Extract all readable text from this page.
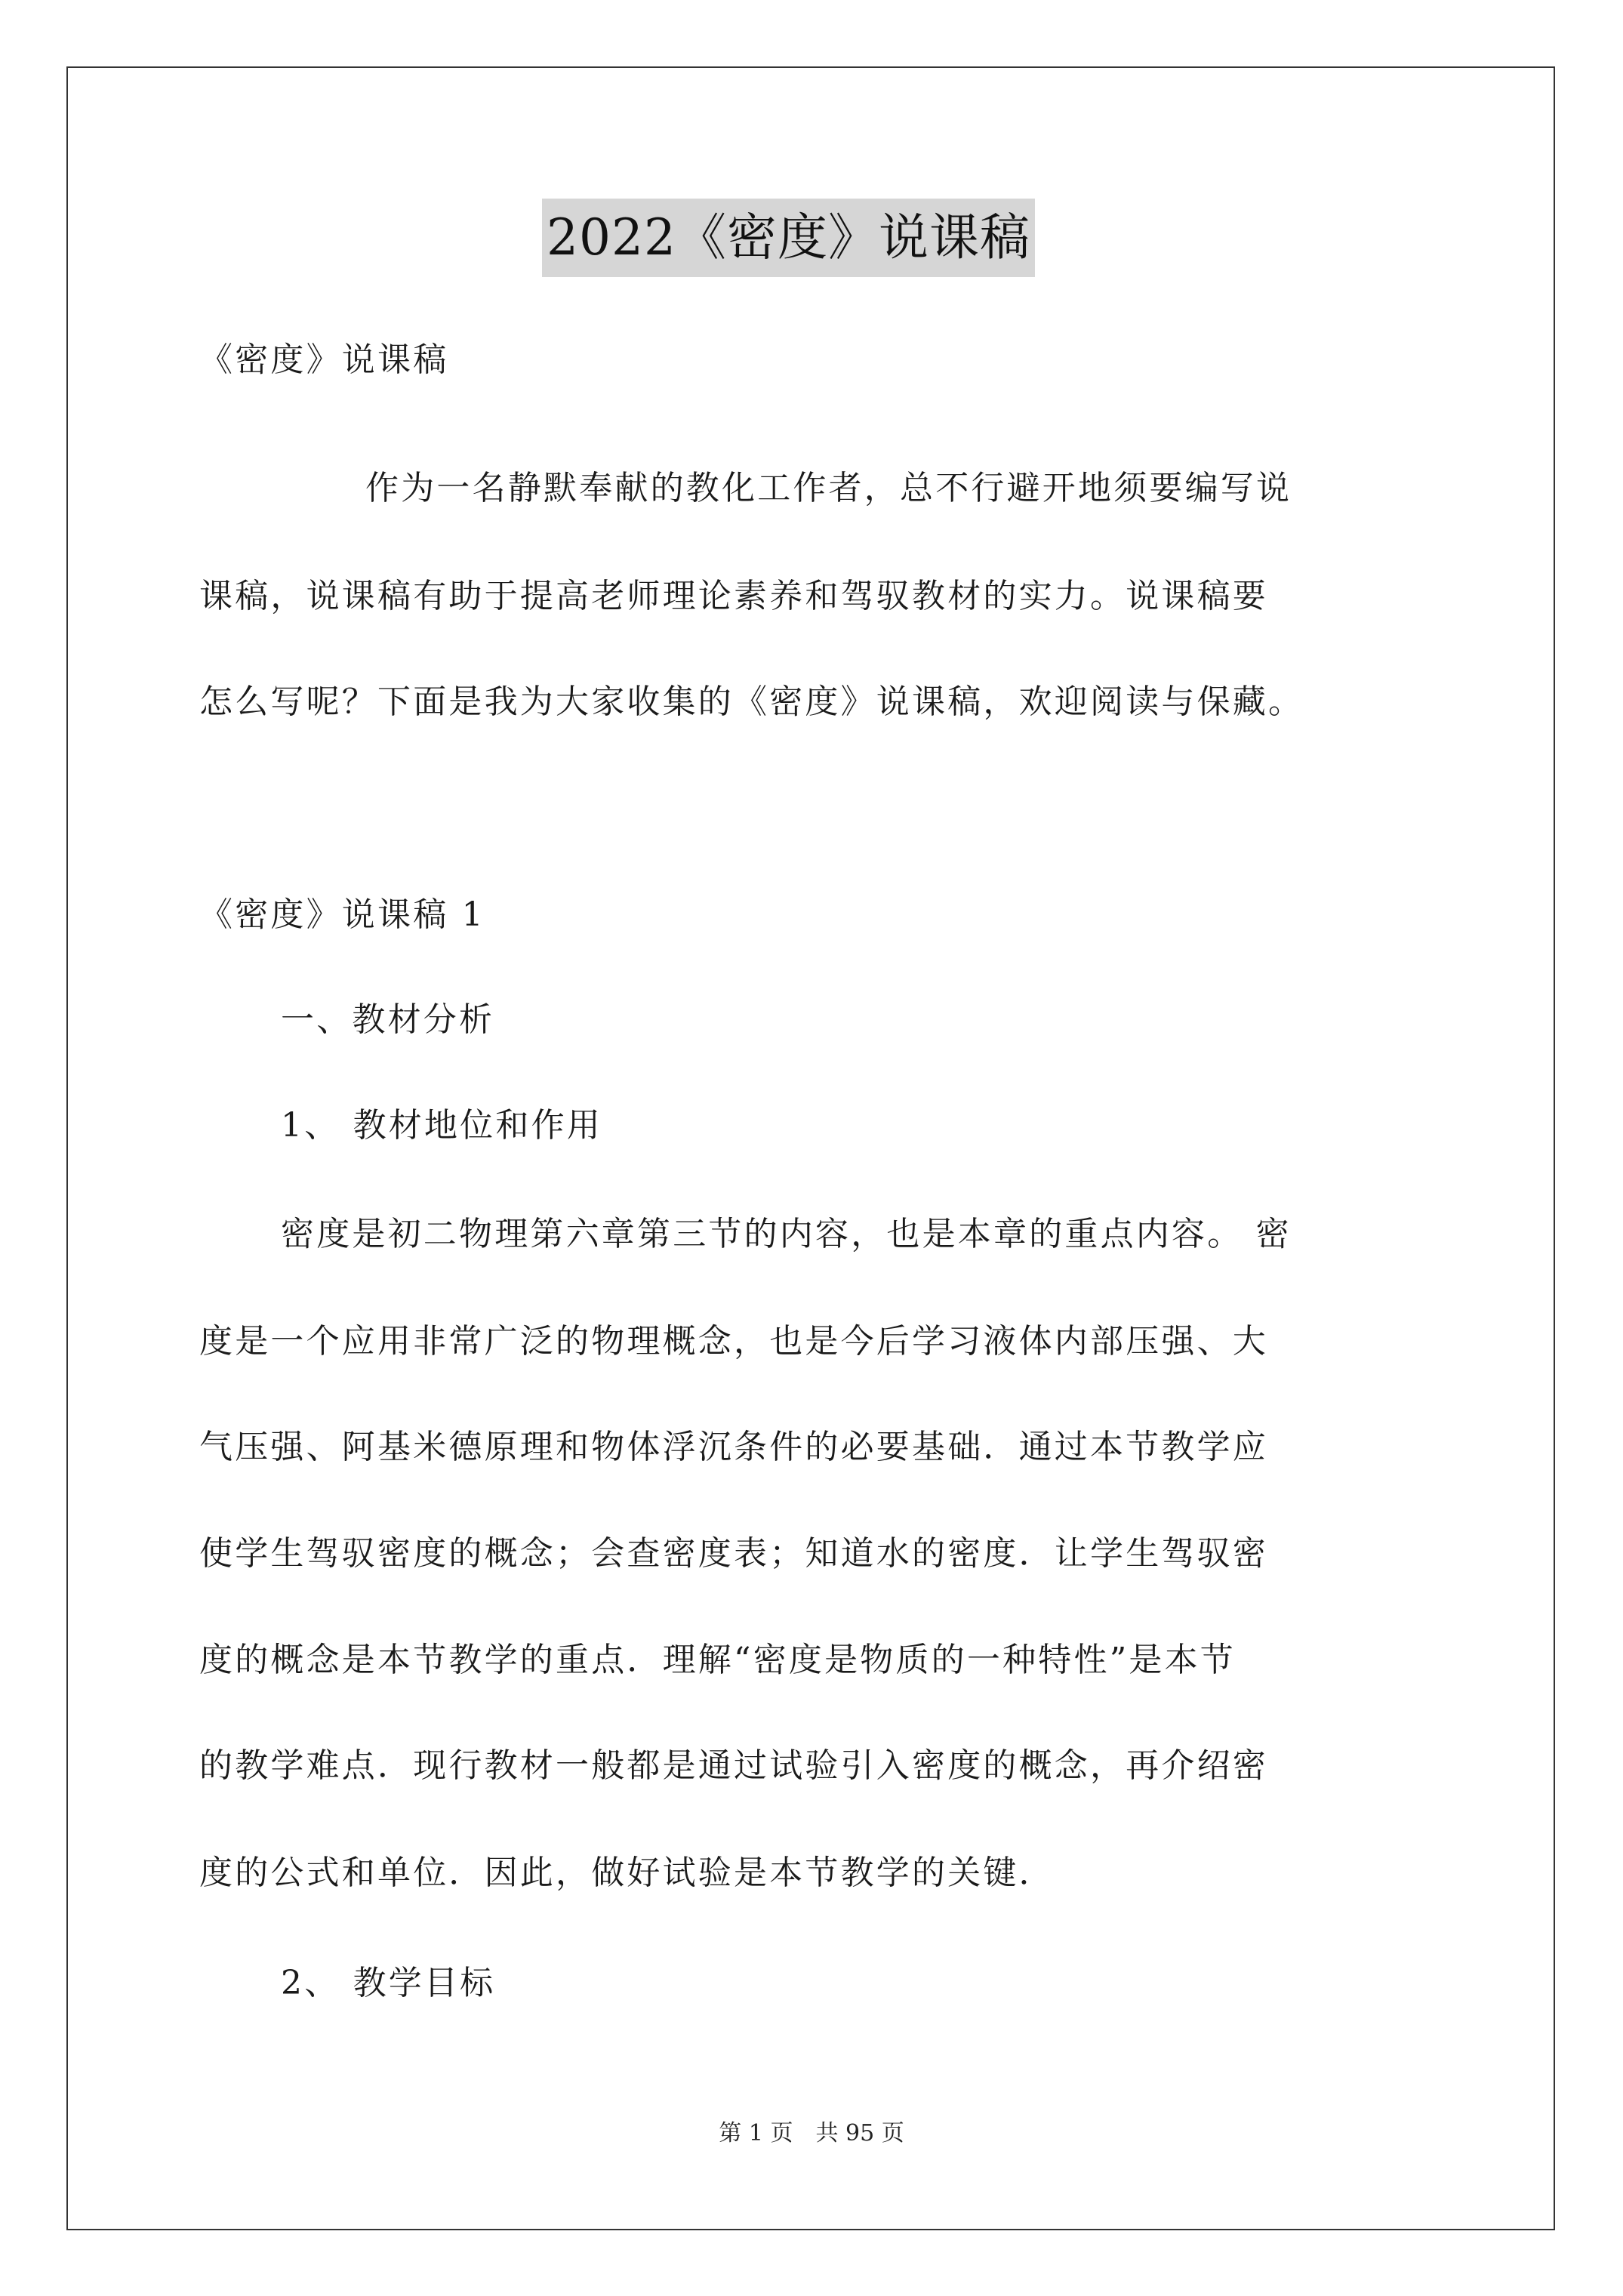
2022《密度》说课稿
《密度》说课稿
作为一名静默奉献的教化工作者，总不行避开地须要编写说
课稿，说课稿有助于提高老师理论素养和驾驭教材的实力。说课稿要
怎么写呢？下面是我为大家收集的《密度》说课稿，欢迎阅读与保藏。
《密度》说课稿 1
一、教材分析
1、 教材地位和作用
密度是初二物理第六章第三节的内容，也是本章的重点内容。 密
度是一个应用非常广泛的物理概念，也是今后学习液体内部压强、大
气压强、阿基米德原理和物体浮沉条件的必要基础．通过本节教学应
使学生驾驭密度的概念；会查密度表；知道水的密度．让学生驾驭密
度的概念是本节教学的重点．理解“密度是物质的一种特性”是本节
的教学难点．现行教材一般都是通过试验引入密度的概念，再介绍密
度的公式和单位．因此，做好试验是本节教学的关键．
2、 教学目标
第 1 页　共 95 页
